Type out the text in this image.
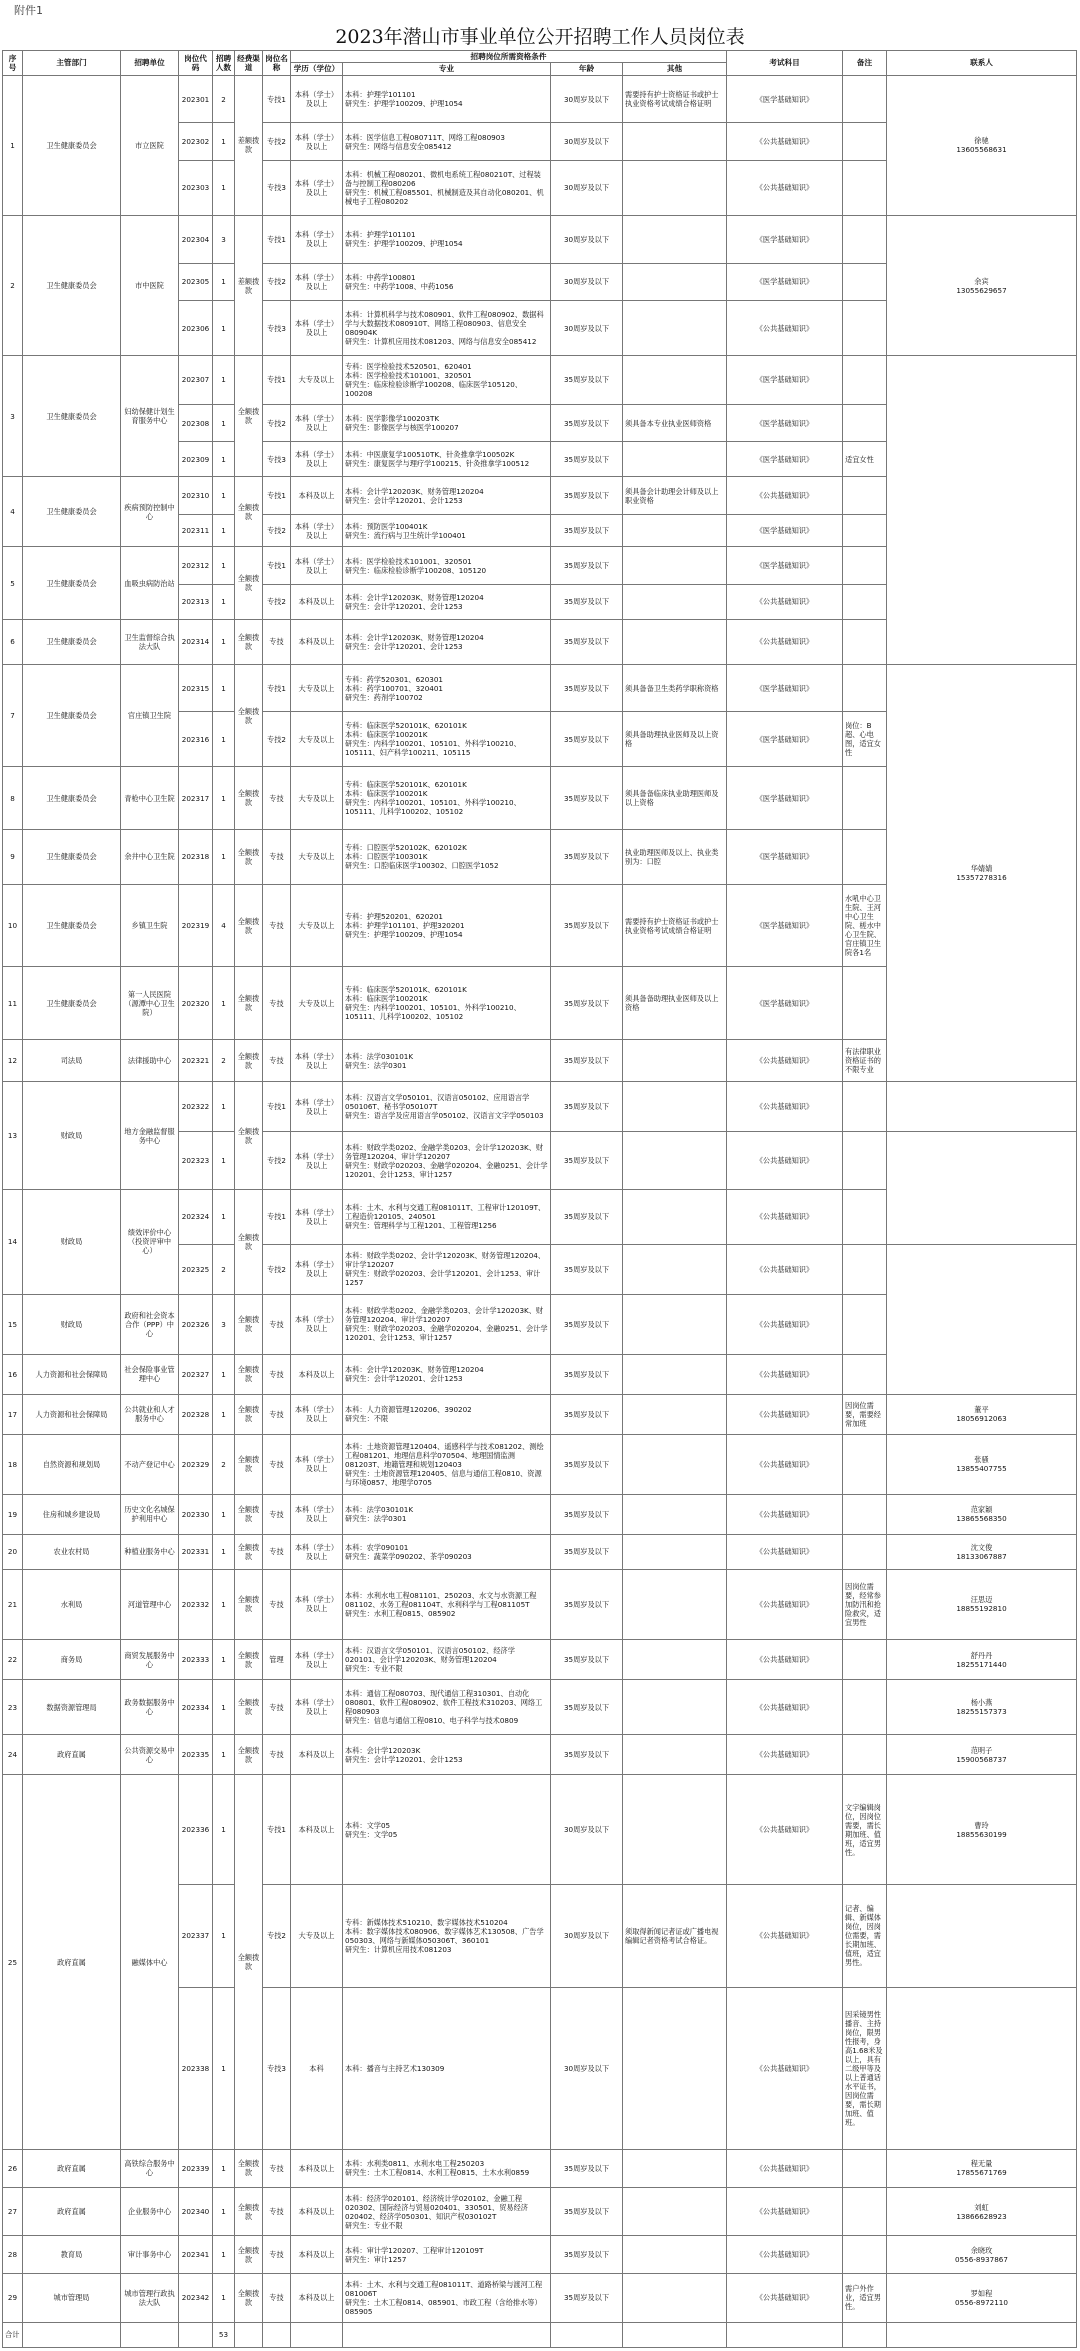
附件1
2023年潜山市事业单位公开招聘工作人员岗位表
序号	主管部门	招聘单位	岗位代码	招聘人数	经费渠道	岗位名称	招聘岗位所需资格条件				考试科目	备注	联系人
							学历（学位）	专业	年龄	其他			
1	卫生健康委员会	市立医院	202301	2	差额拨款	专技1	本科（学士）及以上	本科：护理学101101
研究生：护理学100209、护理1054	30周岁及以下	需要持有护士资格证书或护士执业资格考试成绩合格证明	《医学基础知识》		徐驰
13605568631
			202302	1		专技2	本科（学士）及以上	本科：医学信息工程080711T、网络工程080903
研究生：网络与信息安全085412	30周岁及以下		《公共基础知识》		
			202303	1		专技3	本科（学士）及以上	本科：机械工程080201、微机电系统工程080210T、过程装备与控制工程080206
研究生：机械工程085501、机械制造及其自动化080201、机械电子工程080202	30周岁及以下		《公共基础知识》		
2	卫生健康委员会	市中医院	202304	3	差额拨款	专技1	本科（学士）及以上	本科：护理学101101
研究生：护理学100209、护理1054	30周岁及以下		《医学基础知识》		余宾
13055629657
			202305	1		专技2	本科（学士）及以上	本科：中药学100801
研究生：中药学1008、中药1056	30周岁及以下		《医学基础知识》		
			202306	1		专技3	本科（学士）及以上	本科：计算机科学与技术080901、软件工程080902、数据科学与大数据技术080910T、网络工程080903、信息安全080904K
研究生：计算机应用技术081203、网络与信息安全085412	30周岁及以下		《公共基础知识》		
3	卫生健康委员会	妇幼保健计划生育服务中心	202307	1	全额拨款	专技1	大专及以上	专科：医学检验技术520501、620401
本科：医学检验技术101001、320501
研究生：临床检验诊断学100208、临床医学105120、100208	35周岁及以下		《医学基础知识》		
			202308	1		专技2	本科（学士）及以上	本科：医学影像学100203TK
研究生：影像医学与核医学100207	35周岁及以下	须具备本专业执业医师资格	《医学基础知识》		
			202309	1		专技3	本科（学士）及以上	本科：中医康复学100510TK、针灸推拿学100502K
研究生：康复医学与理疗学100215、针灸推拿学100512	35周岁及以下		《医学基础知识》	适宜女性	
4	卫生健康委员会	疾病预防控制中心	202310	1	全额拨款	专技1	本科及以上	本科：会计学120203K、财务管理120204
研究生：会计学120201、会计1253	35周岁及以下	须具备会计助理会计师及以上职业资格	《公共基础知识》		
			202311	1		专技2	本科（学士）及以上	本科：预防医学100401K
研究生：流行病与卫生统计学100401	35周岁及以下		《医学基础知识》		
5	卫生健康委员会	血吸虫病防治站	202312	1	全额拨款	专技1	本科（学士）及以上	本科：医学检验技术101001、320501
研究生：临床检验诊断学100208、105120	35周岁及以下		《医学基础知识》		
			202313	1		专技2	本科及以上	本科：会计学120203K、财务管理120204
研究生：会计学120201、会计1253	35周岁及以下		《公共基础知识》		
6	卫生健康委员会	卫生监督综合执法大队	202314	1	全额拨款	专技	本科及以上	本科：会计学120203K、财务管理120204
研究生：会计学120201、会计1253	35周岁及以下		《公共基础知识》		
7	卫生健康委员会	官庄镇卫生院	202315	1	全额拨款	专技1	大专及以上	专科：药学520301、620301
本科：药学100701、320401
研究生：药剂学100702	35周岁及以下	须具备备卫生类药学职称资格	《医学基础知识》		华婧婧
15357278316
			202316	1		专技2	大专及以上	专科：临床医学520101K、620101K
本科：临床医学100201K
研究生：内科学100201、105101、外科学100210、105111、妇产科学100211、105115	35周岁及以下	须具备助理执业医师及以上资格	《医学基础知识》	岗位：B超、心电图，适宜女性	
8	卫生健康委员会	青枪中心卫生院	202317	1	全额拨款	专技	大专及以上	专科：临床医学520101K、620101K
本科：临床医学100201K
研究生：内科学100201、105101、外科学100210、105111、儿科学100202、105102	35周岁及以下	须具备备临床执业助理医师及以上资格	《医学基础知识》		
9	卫生健康委员会	余井中心卫生院	202318	1	全额拨款	专技	大专及以上	专科：口腔医学520102K、620102K
本科：口腔医学100301K
研究生：口腔临床医学100302、口腔医学1052	35周岁及以下	执业助理医师及以上、执业类别为：口腔	《医学基础知识》		
10	卫生健康委员会	乡镇卫生院	202319	4	全额拨款	专技	大专及以上	专科：护理520201、620201
本科：护理学101101、护理320201
研究生：护理学100209、护理1054	35周岁及以下	需要持有护士资格证书或护士执业资格考试成绩合格证明	《医学基础知识》	水吼中心卫生院、王河中心卫生院、槎水中心卫生院、官庄镇卫生院各1名	
11	卫生健康委员会	第一人民医院（源潭中心卫生院）	202320	1	全额拨款	专技	大专及以上	专科：临床医学520101K、620101K
本科：临床医学100201K
研究生：内科学100201、105101、外科学100210、105111、儿科学100202、105102	35周岁及以下	须具备备助理执业医师及以上资格	《医学基础知识》		
12	司法局	法律援助中心	202321	2	全额拨款	专技	本科（学士）及以上	本科：法学030101K
研究生：法学0301	35周岁及以下		《公共基础知识》	有法律职业资格证书的不限专业	
13	财政局	地方金融监督服务中心	202322	1	全额拨款	专技1	本科（学士）及以上	本科：汉语言文学050101、汉语言050102、应用语言学050106T、秘书学050107T
研究生：语言学及应用语言学050102、汉语言文字学050103	35周岁及以下		《公共基础知识》		
			202323	1		专技2	本科（学士）及以上	本科：财政学类0202、金融学类0203、会计学120203K、财务管理120204、审计学120207
研究生：财政学020203、金融学020204、金融0251、会计学120201、会计1253、审计1257	35周岁及以下		《公共基础知识》		
14	财政局	绩效评价中心（投资评审中心）	202324	1	全额拨款	专技1	本科（学士）及以上	本科：土木、水利与交通工程081011T、工程审计120109T、工程造价120105、240501
研究生：管理科学与工程1201、工程管理1256	35周岁及以下		《公共基础知识》		
			202325	2		专技2	本科（学士）及以上	本科：财政学类0202、会计学120203K、财务管理120204、审计学120207
研究生：财政学020203、会计学120201、会计1253、审计1257	35周岁及以下		《公共基础知识》		
15	财政局	政府和社会资本合作（PPP）中心	202326	3	全额拨款	专技	本科（学士）及以上	本科：财政学类0202、金融学类0203、会计学120203K、财务管理120204、审计学120207
研究生：财政学020203、金融学020204、金融0251、会计学120201、会计1253、审计1257	35周岁及以下		《公共基础知识》		
16	人力资源和社会保障局	社会保险事业管理中心	202327	1	全额拨款	专技	本科及以上	本科：会计学120203K、财务管理120204
研究生：会计学120201、会计1253	35周岁及以下		《公共基础知识》		
17	人力资源和社会保障局	公共就业和人才服务中心	202328	1	全额拨款	专技	本科（学士）及以上	本科：人力资源管理120206、390202
研究生：不限	35周岁及以下		《公共基础知识》	因岗位需要，需要经常加班	董平
18056912063
18	自然资源和规划局	不动产登记中心	202329	2	全额拨款	专技	本科（学士）及以上	本科：土地资源管理120404、遥感科学与技术081202、测绘工程081201、地理信息科学070504、地理国情监测081203T、地籍管理和规划120403
研究生：土地资源管理120405、信息与通信工程0810、资源与环境0857、地理学0705	35周岁及以下		《公共基础知识》		张骚
13855407755
19	住房和城乡建设局	历史文化名城保护利用中心	202330	1	全额拨款	专技	本科（学士）及以上	本科：法学030101K
研究生：法学0301	35周岁及以下		《公共基础知识》		范家颖
13865568350
20	农业农村局	种植业服务中心	202331	1	全额拨款	专技	本科（学士）及以上	本科：农学090101
研究生：蔬菜学090202、茶学090203	35周岁及以下		《公共基础知识》		沈文俊
18133067887
21	水利局	河道管理中心	202332	1	全额拨款	专技	本科（学士）及以上	本科：水利水电工程081101、250203、水文与水资源工程081102、水务工程081104T、水利科学与工程081105T
研究生：水利工程0815、085902	35周岁及以下		《公共基础知识》	因岗位需要，经常参加防汛和抢险救灾，适宜男性	汪思迈
18855192810
22	商务局	商贸发展服务中心	202333	1	全额拨款	管理	本科（学士）及以上	本科：汉语言文学050101、汉语言050102、经济学020101、会计学120203K、财务管理120204
研究生：专业不限	35周岁及以下		《公共基础知识》		舒丹丹
18255171440
23	数据资源管理局	政务数据服务中心	202334	1	全额拨款	专技	本科（学士）及以上	本科：通信工程080703、现代通信工程310301、自动化080801、软件工程080902、软件工程技术310203、网络工程080903
研究生：信息与通信工程0810、电子科学与技术0809	35周岁及以下		《公共基础知识》		杨小燕
18255157373
24	政府直属	公共资源交易中心	202335	1	全额拨款	专技	本科及以上	本科：会计学120203K
研究生：会计学120201、会计1253	35周岁及以下		《公共基础知识》		范明子
15900568737
25	政府直属	融媒体中心	202336	1	全额拨款	专技1	本科及以上	本科：文学05
研究生：文学05	30周岁及以下		《公共基础知识》	文字编辑岗位，因岗位需要，需长期加班、值班，适宜男性。	曹玲
18855630199
			202337	1		专技2	大专及以上	专科：新媒体技术510210、数字媒体技术510204
本科：数字媒体技术080906、数字媒体艺术130508、广告学050303、网络与新媒体050306T、360101
研究生：计算机应用技术081203	30周岁及以下	须取得新闻记者证或广播电视编辑记者资格考试合格证。	《公共基础知识》	记者、编辑、新媒体岗位，因岗位需要，需长期加班、值班，适宜男性。	
			202338	1		专技3	本科	本科：播音与主持艺术130309	30周岁及以下		《公共基础知识》	因采镜男性播音、主持岗位，限男性报考，身高1.68米及以上，具有二级甲等及以上普通话水平证书，因岗位需要，需长期加班、值班。	
26	政府直属	高铁综合服务中心	202339	1	全额拨款	专技	本科及以上	本科：水利类0811、水利水电工程250203
研究生：土木工程0814、水利工程0815、土木水利0859	35周岁及以下		《公共基础知识》		程无量
17855671769
27	政府直属	企业服务中心	202340	1	全额拨款	专技	本科及以上	本科：经济学020101、经济统计学020102、金融工程020302、国际经济与贸易020401、330501、贸易经济020402、经济学050301、知识产权030102T
研究生：专业不限	35周岁及以下		《公共基础知识》		刘虹
13866628923
28	教育局	审计事务中心	202341	1	全额拨款	专技	本科及以上	本科：审计学120207、工程审计120109T
研究生：审计1257	35周岁及以下		《公共基础知识》		余晓玫
0556-8937867
29	城市管理局	城市管理行政执法大队	202342	1	全额拨款	专技	本科及以上	本科：土木、水利与交通工程081011T、道路桥梁与渡河工程081006T
研究生：土木工程0814、085901、市政工程（含给排水等）085905	35周岁及以下		《公共基础知识》	需户外作业，适宜男性。	罗如程
0556-8972110
合计				53									
